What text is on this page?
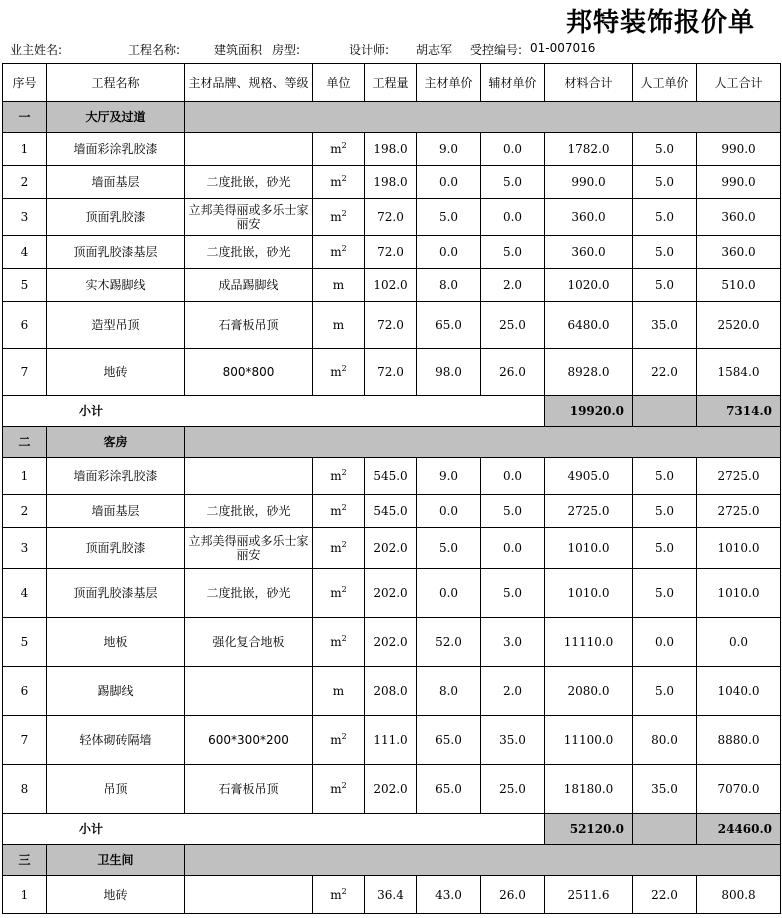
邦特装饰报价单
业主姓名:	工程名称:	建筑面积 房型:	设计师: 胡志军 受控编号: 01-007016
序号	工程名称	主材品牌、规格、等级	单位	工程量	主材单价	辅材单价	材料合计	人工单价	人工合计
一	大厅及过道								
1	墙面彩涂乳胶漆		$m^2$	198.0	9.0	0.0	1782.0	5.0	990.0
2	墙面基层	二度批嵌，砂光	$m^2$	198.0	0.0	5.0	990.0	5.0	990.0
3	顶面乳胶漆	立邦美得丽或多乐士家丽安	$m^2$	72.0	5.0	0.0	360.0	5.0	360.0
4	顶面乳胶漆基层	二度批嵌，砂光	$m^2$	72.0	0.0	5.0	360.0	5.0	360.0
5	实木踢脚线	成品踢脚线	m	102.0	8.0	2.0	1020.0	5.0	510.0
6	造型吊顶	石膏板吊顶	m	72.0	65.0	25.0	6480.0	35.0	2520.0
7	地砖	800*800	$m^2$	72.0	98.0	26.0	8928.0	22.0	1584.0
小计							19920.0		7314.0
二	客房								
1	墙面彩涂乳胶漆		$m^2$	545.0	9.0	0.0	4905.0	5.0	2725.0
2	墙面基层	二度批嵌，砂光	$m^2$	545.0	0.0	5.0	2725.0	5.0	2725.0
3	顶面乳胶漆	立邦美得丽或多乐士家丽安	$m^2$	202.0	5.0	0.0	1010.0	5.0	1010.0
4	顶面乳胶漆基层	二度批嵌，砂光	$m^2$	202.0	0.0	5.0	1010.0	5.0	1010.0
5	地板	强化复合地板	$m^2$	202.0	52.0	3.0	11110.0	0.0	0.0
6	踢脚线		m	208.0	8.0	2.0	2080.0	5.0	1040.0
7	轻体砌砖隔墙	600*300*200	$m^2$	111.0	65.0	35.0	11100.0	80.0	8880.0
8	吊顶	石膏板吊顶	$m^2$	202.0	65.0	25.0	18180.0	35.0	7070.0
小计							52120.0		24460.0
三	卫生间								
1	地砖		$m^2$	36.4	43.0	26.0	2511.6	22.0	800.8
